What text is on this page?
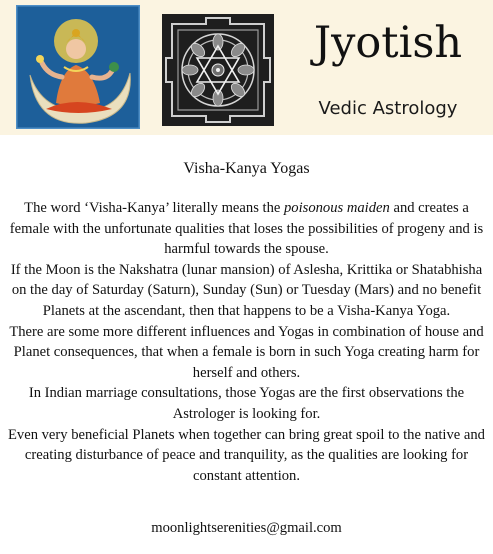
Jyotish
Vedic Astrology
Visha-Kanya Yogas

The word ‘Visha-Kanya’ literally means the poisonous maiden and creates a female with the unfortunate qualities that loses the possibilities of progeny and is harmful towards the spouse.

If the Moon is the Nakshatra (lunar mansion) of Aslesha, Krittika or Shatabhisha on the day of Saturday (Saturn), Sunday (Sun) or Tuesday (Mars) and no benefit Planets at the ascendant, then that happens to be a Visha-Kanya Yoga.

There are some more different influences and Yogas in combination of house and Planet consequences, that when a female is born in such Yoga creating harm for herself and others.

In Indian marriage consultations, those Yogas are the first observations the Astrologer is looking for.

Even very beneficial Planets when together can bring great spoil to the native and creating disturbance of peace and tranquility, as the qualities are looking for constant attention.

moonlightserenities@gmail.com
